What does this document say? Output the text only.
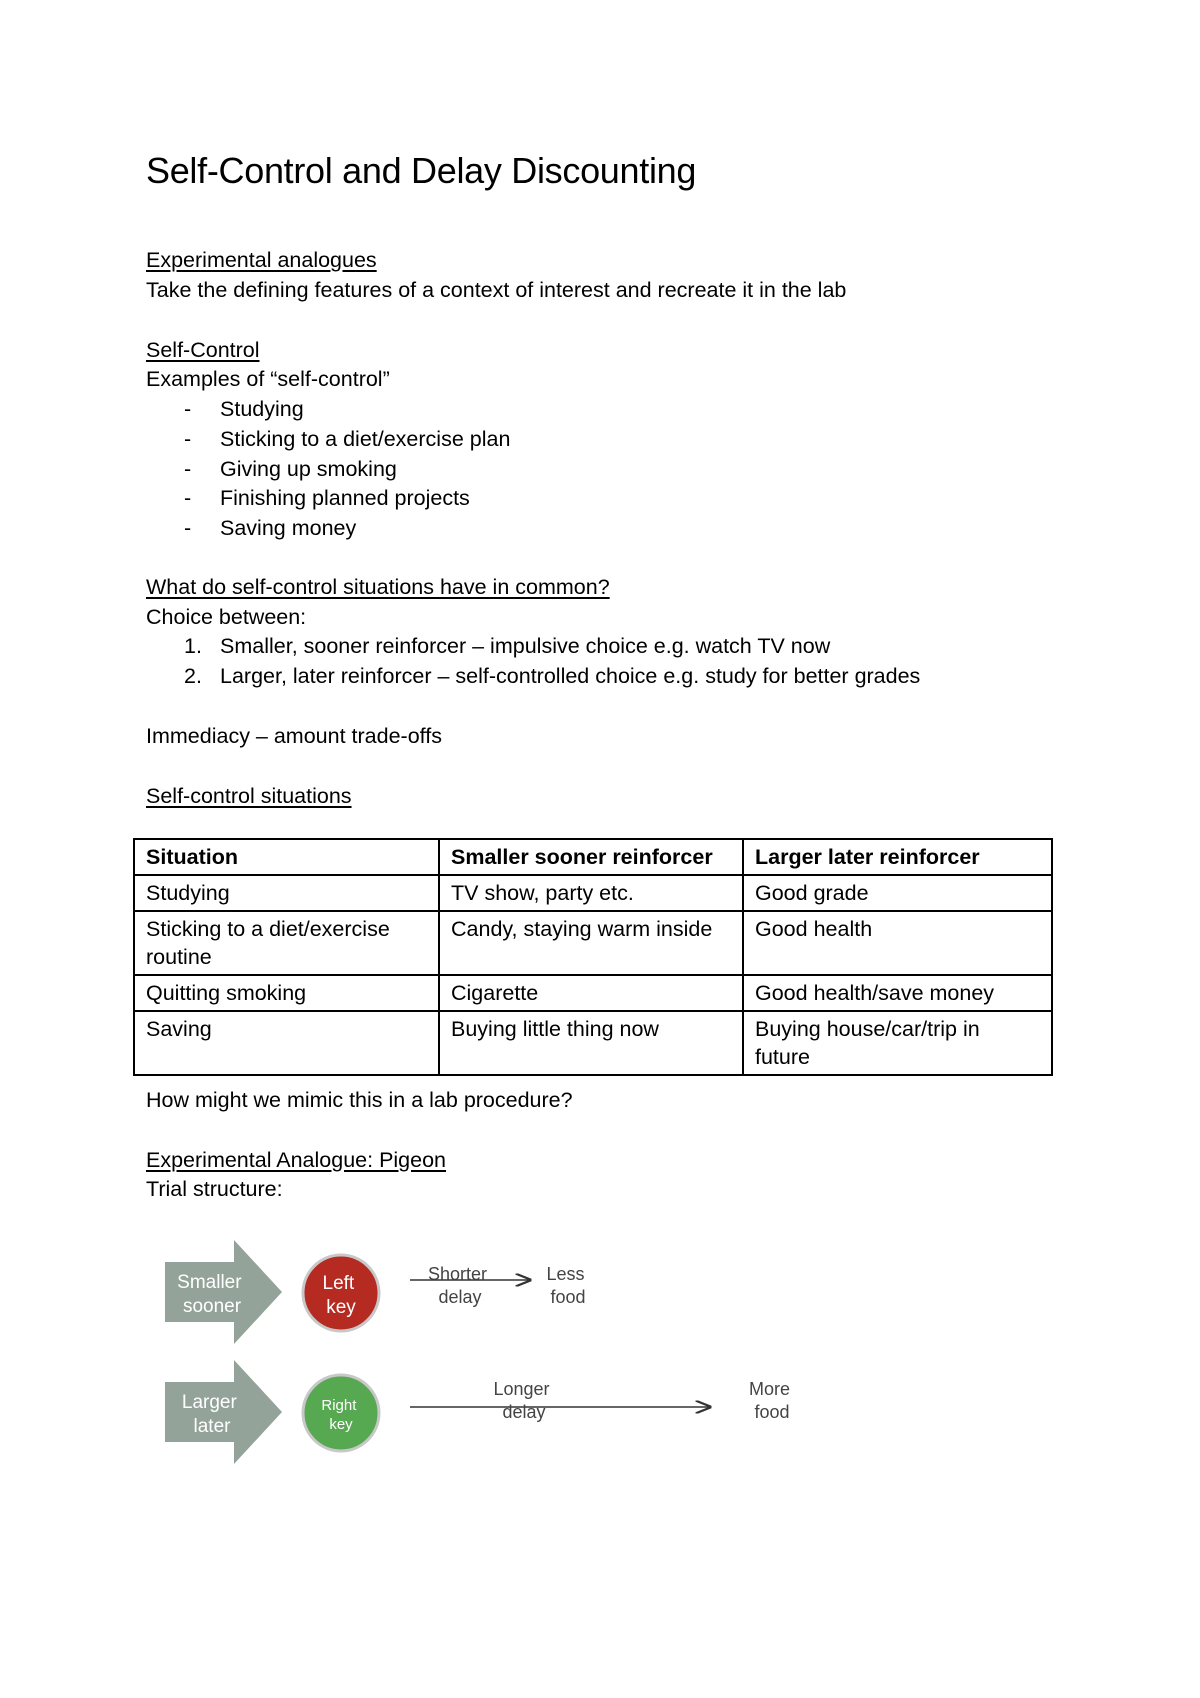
Self-Control and Delay Discounting
Experimental analogues
Take the defining features of a context of interest and recreate it in the lab
Self-Control
Examples of “self-control”
-	Studying
-	Sticking to a diet/exercise plan
-	Giving up smoking
-	Finishing planned projects
-	Saving money
What do self-control situations have in common?
Choice between:
1. Smaller, sooner reinforcer – impulsive choice e.g. watch TV now
2. Larger, later reinforcer – self-controlled choice e.g. study for better grades
Immediacy – amount trade-offs
Self-control situations
Situation	Smaller sooner reinforcer	Larger later reinforcer
Studying	TV show, party etc.	Good grade
Sticking to a diet/exercise routine	Candy, staying warm inside	Good health
Quitting smoking	Cigarette	Good health/save money
Saving	Buying little thing now	Buying house/car/trip in future
How might we mimic this in a lab procedure?
Experimental Analogue: Pigeon
Trial structure:
Smaller sooner
Left key
Shorter delay
Less food
Larger later
Right key
Longer delay
More food
